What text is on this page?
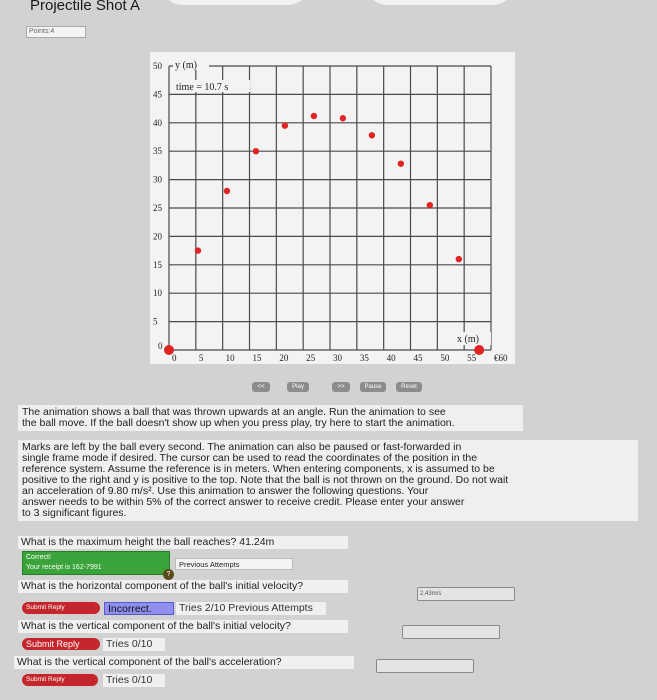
Projectile Shot A
Points:4
0 5 10 15 20 25 30 35 40 45 50 55 €60
5
10
15
20
25
30
35
40
45
50
0
y (m)
x (m)
time = 10.7 s
<<	Play	>>	Pause	Reset
The animation shows a ball that was thrown upwards at an angle. Run the animation to see
the ball move. If the ball doesn't show up when you press play, try here to start the animation.
Marks are left by the ball every second. The animation can also be paused or fast-forwarded in
single frame mode if desired. The cursor can be used to read the coordinates of the position in the
reference system. Assume the reference is in meters. When entering components, x is assumed to be
positive to the right and y is positive to the top. Note that the ball is not thrown on the ground. Do not wait
an acceleration of 9.80 m/s². Use this animation to answer the following questions. Your
answer needs to be within 5% of the correct answer to receive credit. Please enter your answer
to 3 significant figures.
What is the maximum height the ball reaches? 41.24m
Correct!
Your receipt is 162-7991
?
Previous Attempts
What is the horizontal component of the ball's initial velocity?
2.43m/s
Submit Reply	Incorrect.	Tries 2/10 Previous Attempts
What is the vertical component of the ball's initial velocity?
Submit Reply	Tries 0/10
What is the vertical component of the ball's acceleration?
Submit Reply	Tries 0/10
